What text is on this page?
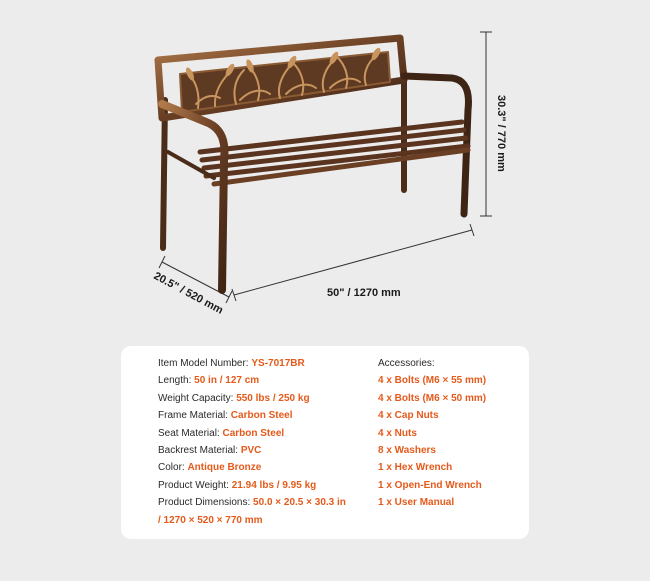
30.3" / 770 mm
50" / 1270 mm
20.5" / 520 mm
Item Model Number: YS-7017BR
Length: 50 in / 127 cm
Weight Capacity: 550 lbs / 250 kg
Frame Material: Carbon Steel
Seat Material: Carbon Steel
Backrest Material: PVC
Color: Antique Bronze
Product Weight: 21.94 lbs / 9.95 kg
Product Dimensions: 50.0 × 20.5 × 30.3 in
/ 1270 × 520 × 770 mm
Accessories:
4 x Bolts (M6 × 55 mm)
4 x Bolts (M6 × 50 mm)
4 x Cap Nuts
4 x Nuts
8 x Washers
1 x Hex Wrench
1 x Open-End Wrench
1 x User Manual
